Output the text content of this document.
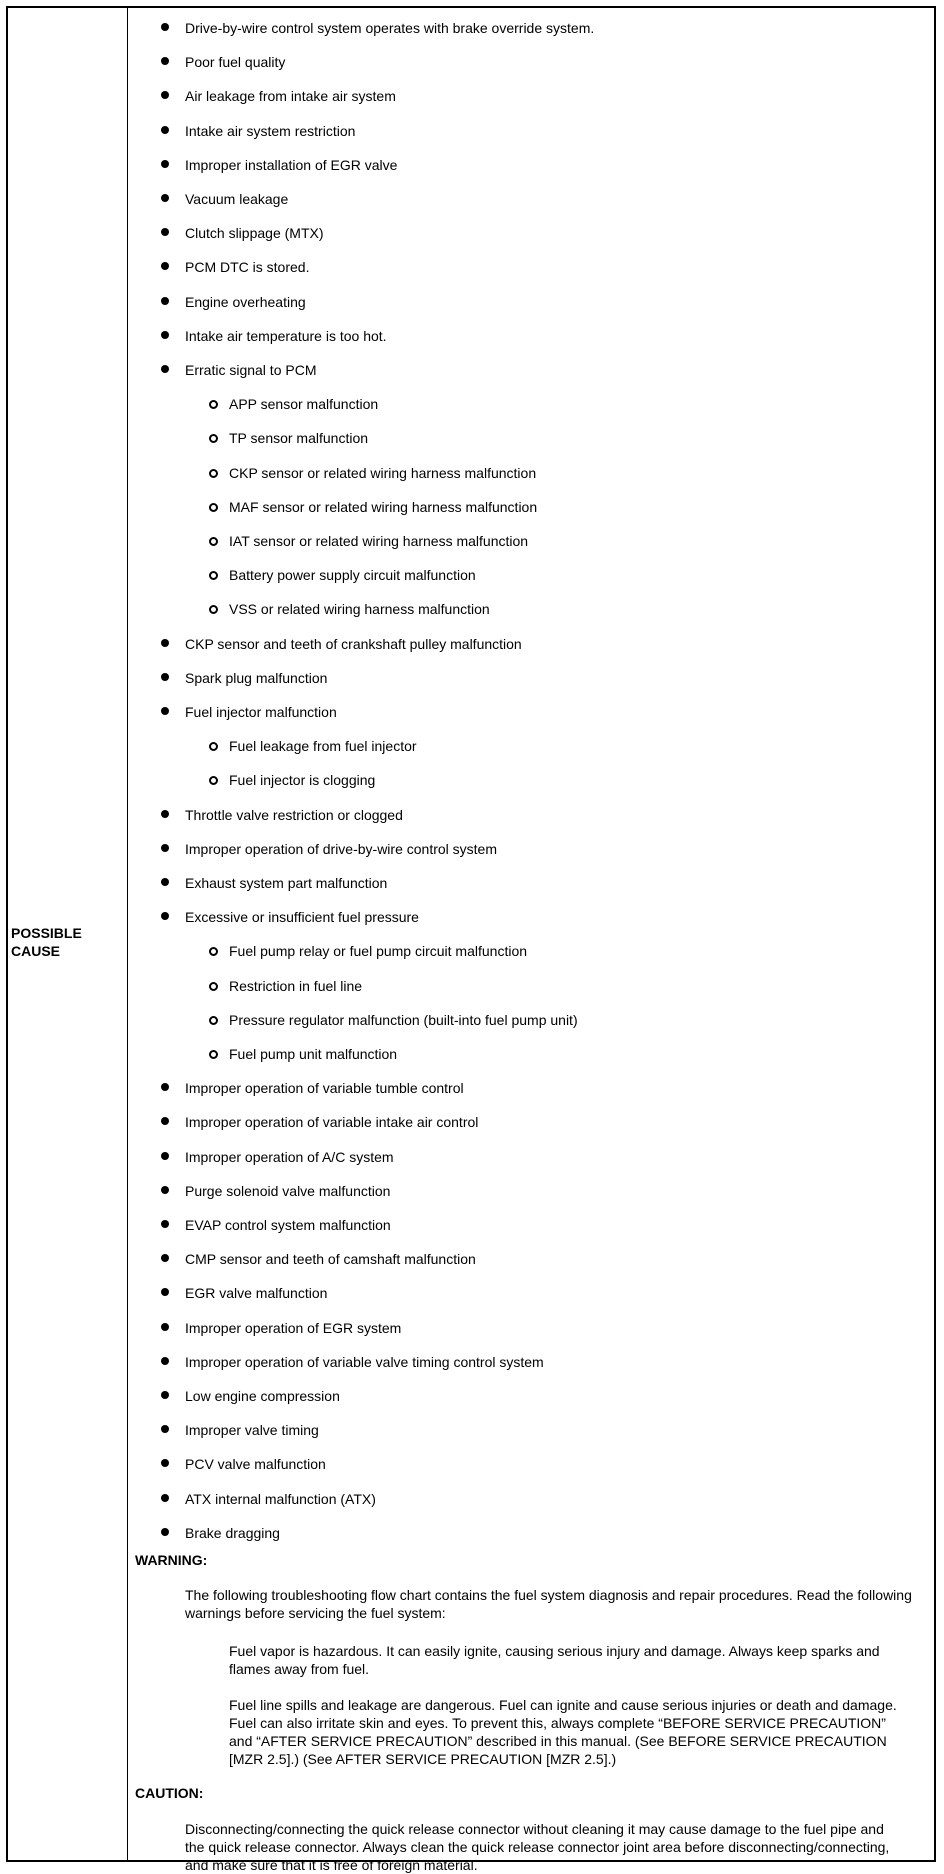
POSSIBLE
CAUSE
WARNING:
The following troubleshooting flow chart contains the fuel system diagnosis and repair procedures. Read the following warnings before servicing the fuel system:
Fuel vapor is hazardous. It can easily ignite, causing serious injury and damage. Always keep sparks and flames away from fuel.
Fuel line spills and leakage are dangerous. Fuel can ignite and cause serious injuries or death and damage. Fuel can also irritate skin and eyes. To prevent this, always complete “BEFORE SERVICE PRECAUTION” and “AFTER SERVICE PRECAUTION” described in this manual. (See BEFORE SERVICE PRECAUTION [MZR 2.5].) (See AFTER SERVICE PRECAUTION [MZR 2.5].)
CAUTION:
Disconnecting/connecting the quick release connector without cleaning it may cause damage to the fuel pipe and the quick release connector. Always clean the quick release connector joint area before disconnecting/connecting, and make sure that it is free of foreign material.
Drive-by-wire control system operates with brake override system.
Poor fuel quality
Air leakage from intake air system
Intake air system restriction
Improper installation of EGR valve
Vacuum leakage
Clutch slippage (MTX)
PCM DTC is stored.
Engine overheating
Intake air temperature is too hot.
Erratic signal to PCM
APP sensor malfunction
TP sensor malfunction
CKP sensor or related wiring harness malfunction
MAF sensor or related wiring harness malfunction
IAT sensor or related wiring harness malfunction
Battery power supply circuit malfunction
VSS or related wiring harness malfunction
CKP sensor and teeth of crankshaft pulley malfunction
Spark plug malfunction
Fuel injector malfunction
Fuel leakage from fuel injector
Fuel injector is clogging
Throttle valve restriction or clogged
Improper operation of drive-by-wire control system
Exhaust system part malfunction
Excessive or insufficient fuel pressure
Fuel pump relay or fuel pump circuit malfunction
Restriction in fuel line
Pressure regulator malfunction (built-into fuel pump unit)
Fuel pump unit malfunction
Improper operation of variable tumble control
Improper operation of variable intake air control
Improper operation of A/C system
Purge solenoid valve malfunction
EVAP control system malfunction
CMP sensor and teeth of camshaft malfunction
EGR valve malfunction
Improper operation of EGR system
Improper operation of variable valve timing control system
Low engine compression
Improper valve timing
PCV valve malfunction
ATX internal malfunction (ATX)
Brake dragging
